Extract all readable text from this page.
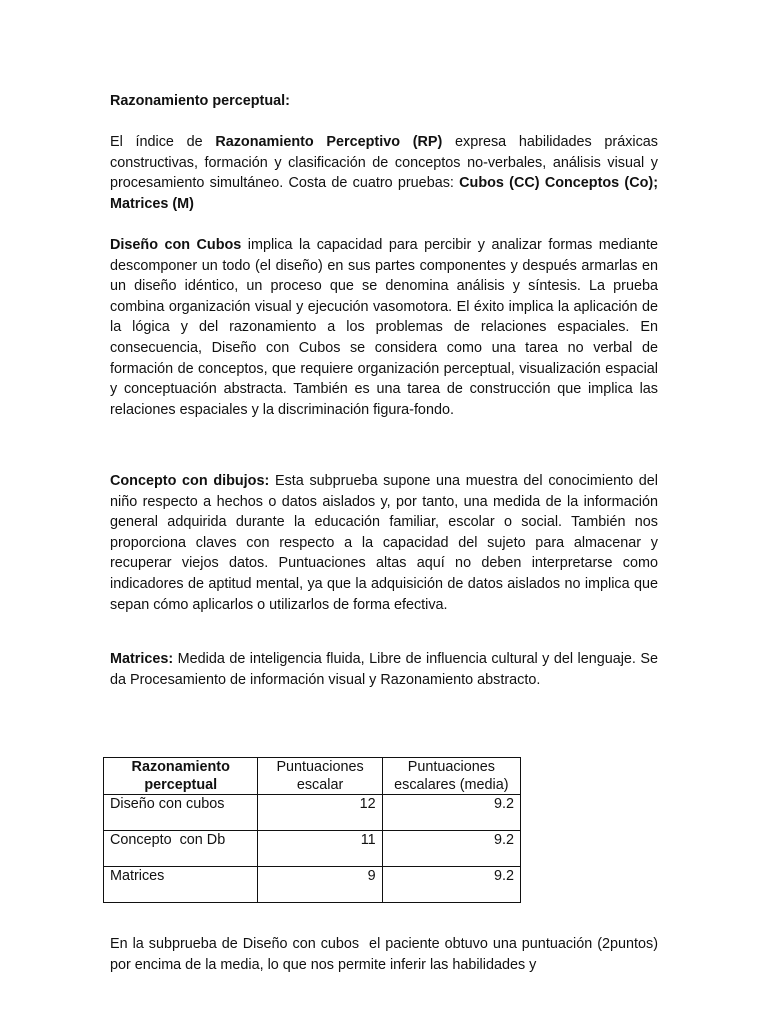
Razonamiento perceptual:

El índice de Razonamiento Perceptivo (RP) expresa habilidades práxicas constructivas, formación y clasificación de conceptos no-verbales, análisis visual y procesamiento simultáneo. Costa de cuatro pruebas: Cubos (CC) Conceptos (Co); Matrices (M)

Diseño con Cubos implica la capacidad para percibir y analizar formas mediante descomponer un todo (el diseño) en sus partes componentes y después armarlas en un diseño idéntico, un proceso que se denomina análisis y síntesis. La prueba combina organización visual y ejecución vasomotora. El éxito implica la aplicación de la lógica y del razonamiento a los problemas de relaciones espaciales. En consecuencia, Diseño con Cubos se considera como una tarea no verbal de formación de conceptos, que requiere organización perceptual, visualización espacial y conceptuación abstracta. También es una tarea de construcción que implica las relaciones espaciales y la discriminación figura-fondo.

Concepto con dibujos: Esta subprueba supone una muestra del conocimiento del niño respecto a hechos o datos aislados y, por tanto, una medida de la información general adquirida durante la educación familiar, escolar o social. También nos proporciona claves con respecto a la capacidad del sujeto para almacenar y recuperar viejos datos. Puntuaciones altas aquí no deben interpretarse como indicadores de aptitud mental, ya que la adquisición de datos aislados no implica que sepan cómo aplicarlos o utilizarlos de forma efectiva.

Matrices: Medida de inteligencia fluida, Libre de influencia cultural y del lenguaje. Se da Procesamiento de información visual y Razonamiento abstracto.

Razonamiento perceptual	Puntuaciones escalar	Puntuaciones escalares (media)
Diseño con cubos	12	9.2
Concepto  con Db	11	9.2
Matrices	9	9.2

En la subprueba de Diseño con cubos  el paciente obtuvo una puntuación (2puntos) por encima de la media, lo que nos permite inferir las habilidades y
